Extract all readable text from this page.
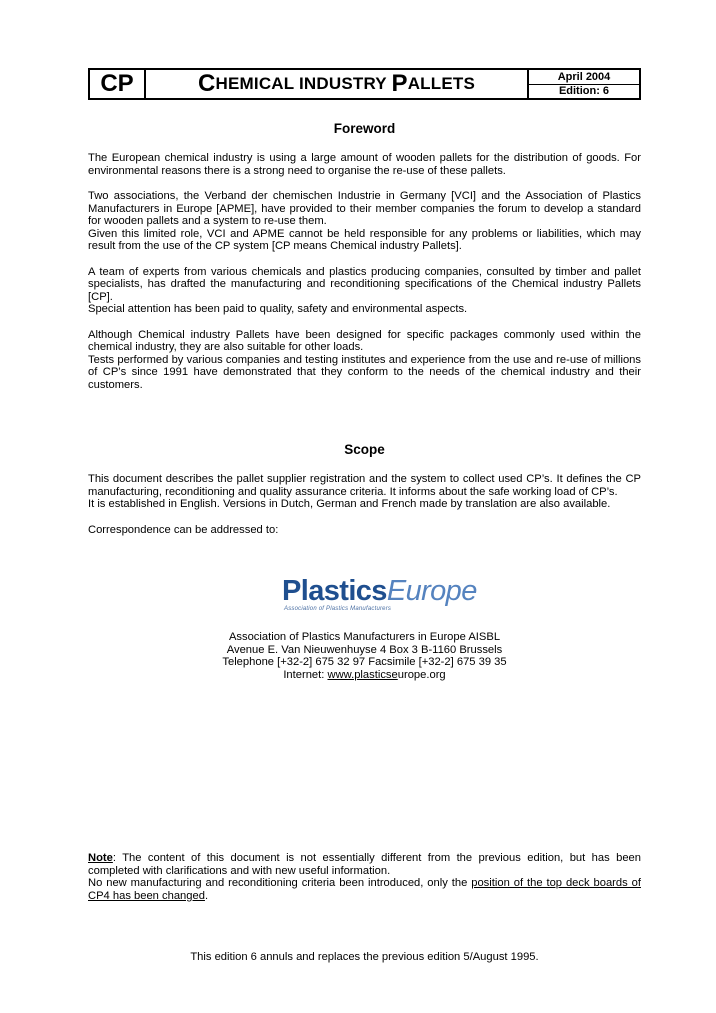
CP	C HEMICAL INDUSTRY P ALLETS	April 2004
Edition: 6
Foreword

The European chemical industry is using a large amount of wooden pallets for the distribution of goods. For environmental reasons there is a strong need to organise the re-use of these pallets.

Two associations, the Verband der chemischen Industrie in Germany [VCI] and the Association of Plastics Manufacturers in Europe [APME], have provided to their member companies the forum to develop a standard for wooden pallets and a system to re-use them.

Given this limited role, VCI and APME cannot be held responsible for any problems or liabilities, which may result from the use of the CP system [CP means Chemical industry Pallets].

A team of experts from various chemicals and plastics producing companies, consulted by timber and pallet specialists, has drafted the manufacturing and reconditioning specifications of the Chemical industry Pallets [CP].

Special attention has been paid to quality, safety and environmental aspects.

Although Chemical industry Pallets have been designed for specific packages commonly used within the chemical industry, they are also suitable for other loads.

Tests performed by various companies and testing institutes and experience from the use and re-use of millions of CP’s since 1991 have demonstrated that they conform to the needs of the chemical industry and their customers.

Scope

This document describes the pallet supplier registration and the system to collect used CP’s. It defines the CP manufacturing, reconditioning and quality assurance criteria. It informs about the safe working load of CP’s.

It is established in English. Versions in Dutch, German and French made by translation are also available.

Correspondence can be addressed to:

PlasticsEurope
Association of Plastics Manufacturers
Association of Plastics Manufacturers in Europe AISBL
Avenue E. Van Nieuwenhuyse 4 Box 3 B-1160 Brussels
Telephone [+32-2] 675 32 97 Facsimile [+32-2] 675 39 35
Internet: www.plasticseurope.org

Note: The content of this document is not essentially different from the previous edition, but has been completed with clarifications and with new useful information.

No new manufacturing and reconditioning criteria been introduced, only the position of the top deck boards of CP4 has been changed.

This edition 6 annuls and replaces the previous edition 5/August 1995.
